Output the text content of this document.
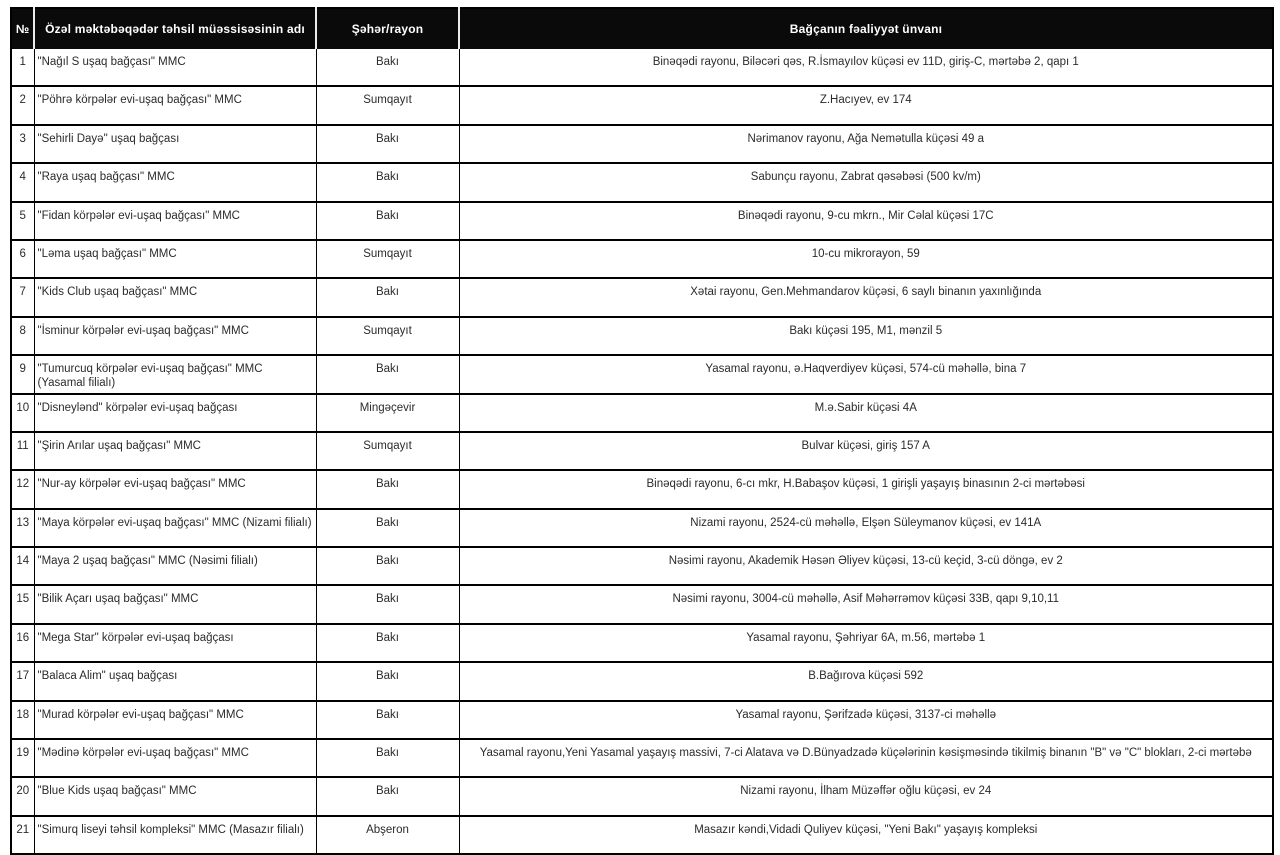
№	Özəl məktəbəqədər təhsil müəssisəsinin adı	Şəhər/rayon	Bağçanın fəaliyyət ünvanı

1	"Nağıl S uşaq bağçası" MMC	Bakı	Binəqədi rayonu, Biləcəri qəs, R.İsmayılov küçəsi ev 11D, giriş-C, mərtəbə 2, qapı 1

2	"Pöhrə körpələr evi-uşaq bağçası" MMC	Sumqayıt	Z.Hacıyev, ev 174

3	"Sehirli Dayə" uşaq bağçası	Bakı	Nərimanov rayonu, Ağa Nemətulla küçəsi 49 a

4	"Raya uşaq bağçası" MMC	Bakı	Sabunçu rayonu, Zabrat qəsəbəsi (500 kv/m)

5	"Fidan körpələr evi-uşaq bağçası" MMC	Bakı	Binəqədi rayonu, 9-cu mkrn., Mir Cəlal küçəsi 17C

6	"Ləma uşaq bağçası" MMC	Sumqayıt	10-cu mikrorayon, 59

7	"Kids Club uşaq bağçası" MMC	Bakı	Xətai rayonu, Gen.Mehmandarov küçəsi, 6 saylı binanın yaxınlığında

8	"İsminur körpələr evi-uşaq bağçası" MMC	Sumqayıt	Bakı küçəsi 195, M1, mənzil 5

9	"Tumurcuq körpələr evi-uşaq bağçası" MMC (Yasamal filialı)	Bakı	Yasamal rayonu, ə.Haqverdiyev küçəsi, 574-cü məhəllə, bina 7

10	"Disneylənd" körpələr evi-uşaq bağçası	Mingəçevir	M.ə.Sabir küçəsi 4A

11	"Şirin Arılar uşaq bağçası" MMC	Sumqayıt	Bulvar küçəsi, giriş 157 A

12	"Nur-ay körpələr evi-uşaq bağçası" MMC	Bakı	Binəqədi rayonu, 6-cı mkr, H.Babaşov küçəsi, 1 girişli yaşayış binasının 2-ci mərtəbəsi

13	"Maya körpələr evi-uşaq bağçası" MMC (Nizami filialı)	Bakı	Nizami rayonu, 2524-cü məhəllə, Elşən Süleymanov küçəsi, ev 141A

14	"Maya 2 uşaq bağçası" MMC (Nəsimi filialı)	Bakı	Nəsimi rayonu, Akademik Həsən Əliyev küçəsi, 13-cü keçid, 3-cü döngə, ev 2

15	"Bilik Açarı uşaq bağçası" MMC	Bakı	Nəsimi rayonu, 3004-cü məhəllə, Asif Məhərrəmov küçəsi 33B, qapı 9,10,11

16	"Mega Star" körpələr evi-uşaq bağçası	Bakı	Yasamal rayonu, Şəhriyar 6A, m.56, mərtəbə 1

17	"Balaca Alim" uşaq bağçası	Bakı	B.Bağırova küçəsi 592

18	"Murad körpələr evi-uşaq bağçası" MMC	Bakı	Yasamal rayonu, Şərifzadə küçəsi, 3137-ci məhəllə

19	"Mədinə körpələr evi-uşaq bağçası" MMC	Bakı	Yasamal rayonu,Yeni Yasamal yaşayış massivi, 7-ci Alatava və D.Bünyadzadə küçələrinin kəsişməsində tikilmiş binanın "B" və "C" blokları, 2-ci mərtəbə

20	"Blue Kids uşaq bağçası" MMC	Bakı	Nizami rayonu, İlham Müzəffər oğlu küçəsi, ev 24

21	"Simurq liseyi təhsil kompleksi" MMC (Masazır filialı)	Abşeron	Masazır kəndi,Vidadi Quliyev küçəsi, "Yeni Bakı" yaşayış kompleksi
